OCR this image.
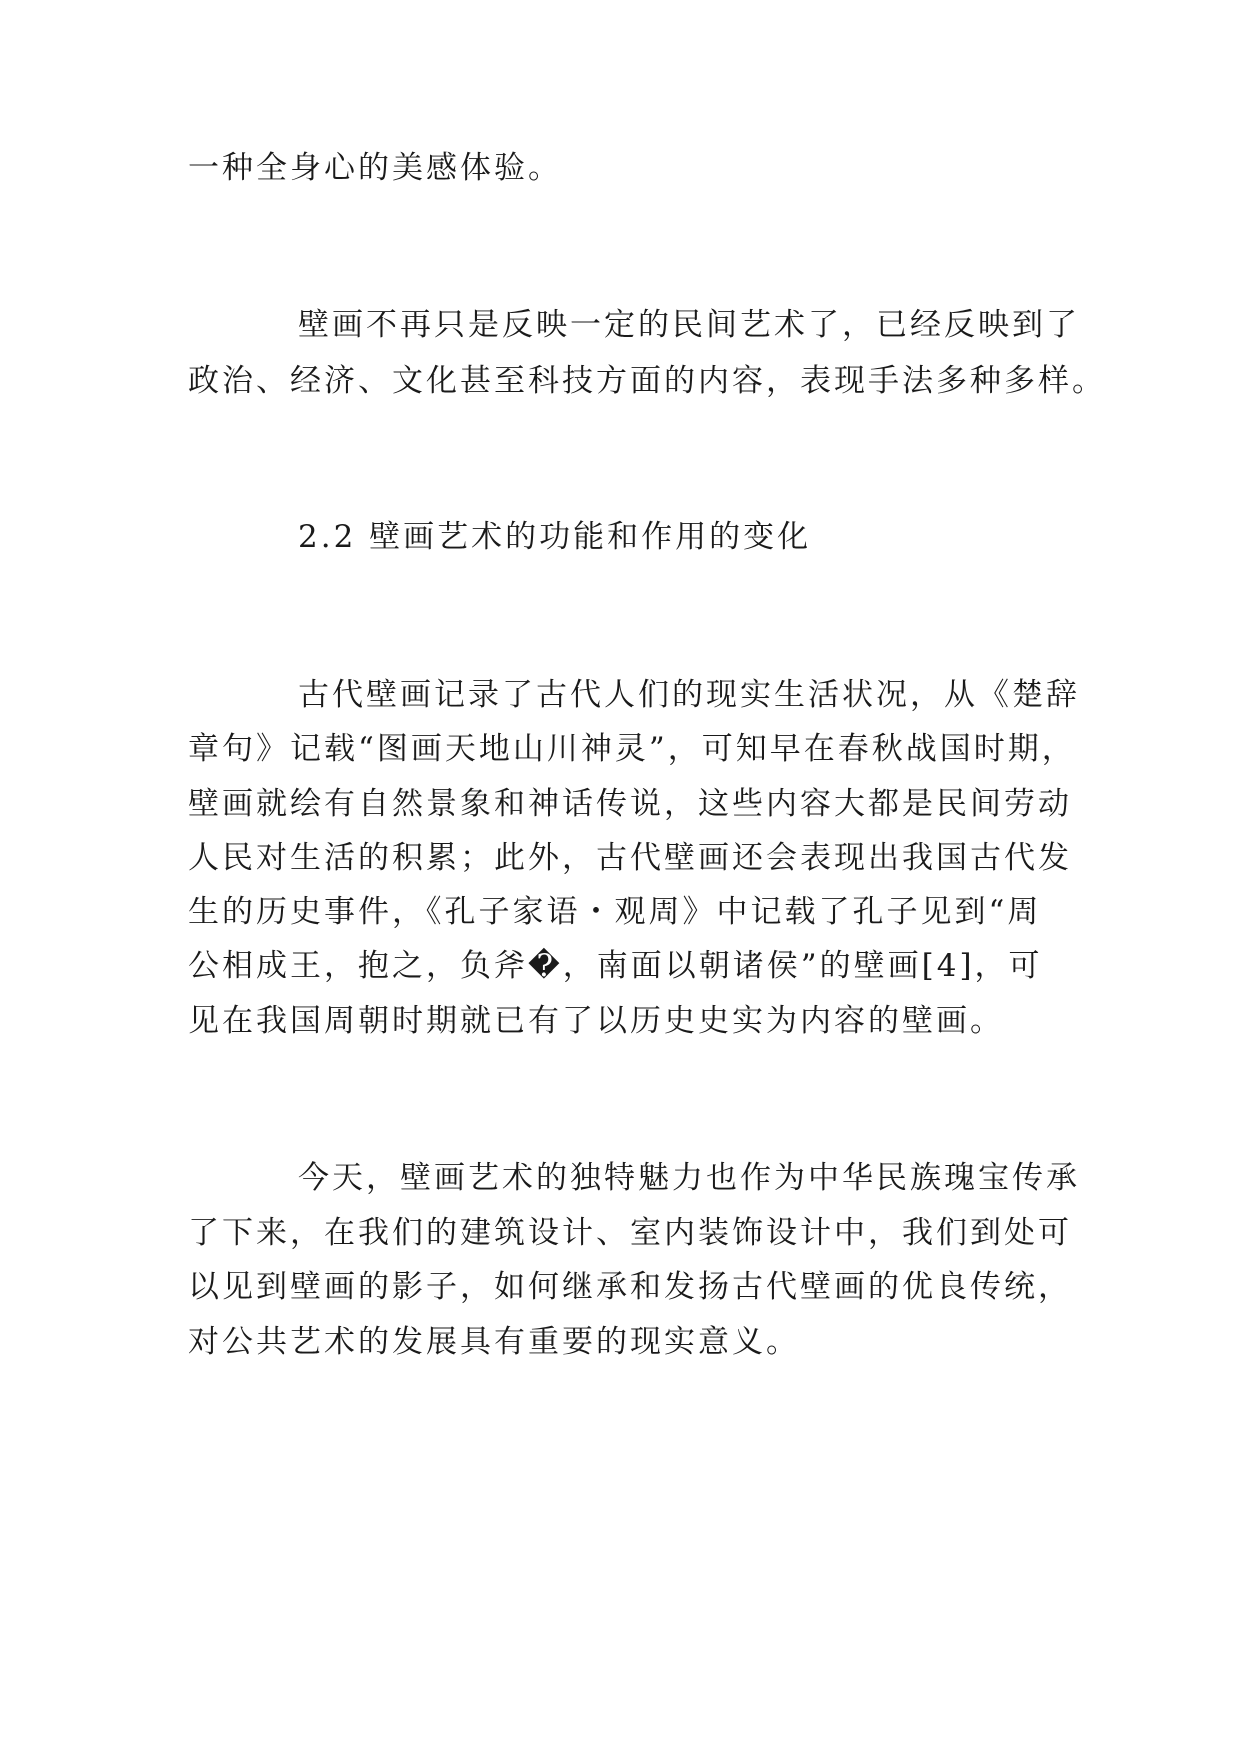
一种全身心的美感体验。

壁画不再只是反映一定的民间艺术了，已经反映到了

政治、经济、文化甚至科技方面的内容，表现手法多种多样。

2.2 壁画艺术的功能和作用的变化

古代壁画记录了古代人们的现实生活状况，从《楚辞

章句》记载“图画天地山川神灵”，可知早在春秋战国时期，

壁画就绘有自然景象和神话传说，这些内容大都是民间劳动

人民对生活的积累；此外，古代壁画还会表现出我国古代发

生的历史事件，《孔子家语・观周》中记载了孔子见到“周

公相成王，抱之，负斧�，南面以朝诸侯”的壁画[4]，可

见在我国周朝时期就已有了以历史史实为内容的壁画。

今天，壁画艺术的独特魅力也作为中华民族瑰宝传承

了下来，在我们的建筑设计、室内装饰设计中，我们到处可

以见到壁画的影子，如何继承和发扬古代壁画的优良传统，

对公共艺术的发展具有重要的现实意义。
